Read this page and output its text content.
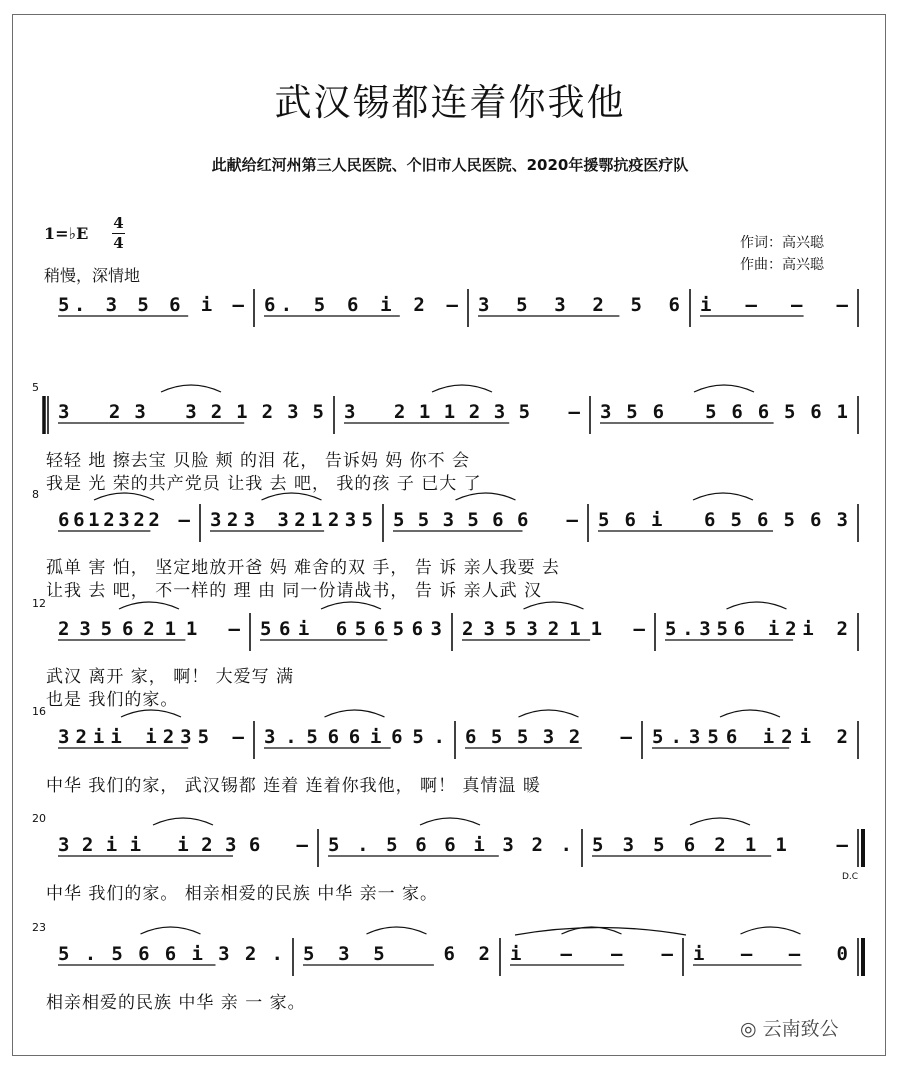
武汉锡都连着你我他
此献给红河州第三人民医院、个旧市人民医院、2020年援鄂抗疫医疗队
1=♭E
4
4
稍慢，深情地
作词：高兴聪
作曲：高兴聪
5. 3 5 6 i – 6. 5 6 i 2 – 3 5 3 2 5 6 i – – –
3 23 321235 3 211235 – 356 566561
6612322 – 323 321235 553566 – 56i 656563
2356211 – 56i 656563 2353211 – 5.356 i2i 2
32ii i235 – 3.566i65. 65532 – 5.356 i2i 2
32ii i236 – 5.566i32. 5356211 –
5.566i32. 535 62 i – – – i – – 0
5
8
12
16
20
23
轻轻 地 擦去宝 贝脸 颊 的泪 花， 告诉妈 妈 你不 会
我是 光 荣的共产党员 让我 去 吧， 我的孩 子 已大 了
孤单 害 怕， 坚定地放开爸 妈 难舍的双 手， 告 诉 亲人我要 去
让我 去 吧， 不一样的 理 由 同一份请战书， 告 诉 亲人武 汉
武汉 离开 家， 啊！ 大爱写 满
也是 我们的家。
中华 我们的家， 武汉锡都 连着 连着你我他， 啊！ 真情温 暖
中华 我们的家。 相亲相爱的民族 中华 亲一 家。
相亲相爱的民族 中华 亲 一 家。
D.C
◎ 云南致公
